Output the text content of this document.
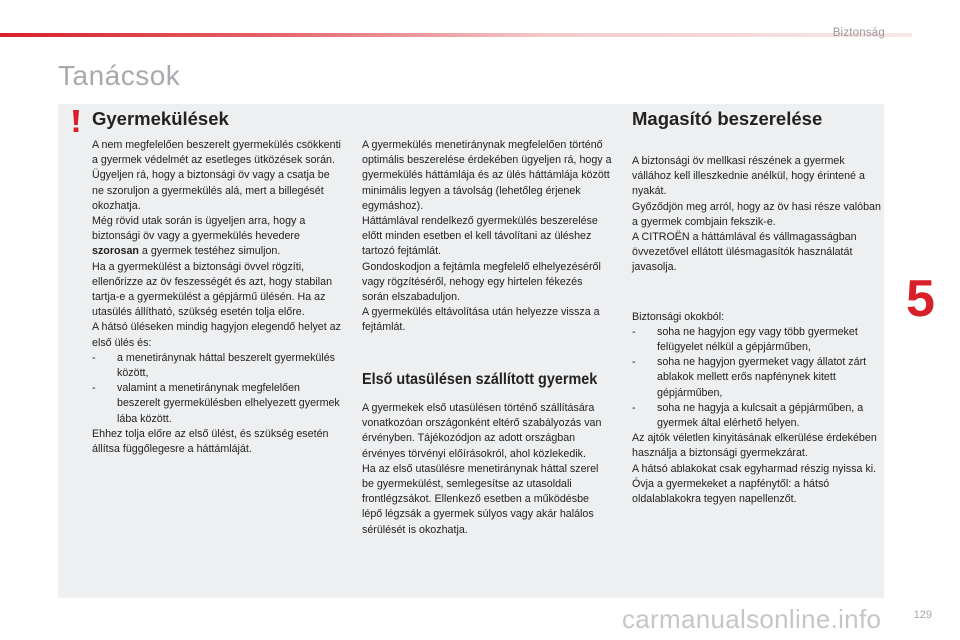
Biztonság
Tanácsok
Gyermekülések

A nem megfelelően beszerelt gyermekülés csökkenti a gyermek védelmét az esetleges ütközések során.

Ügyeljen rá, hogy a biztonsági öv vagy a csatja be ne szoruljon a gyermekülés alá, mert a billegését okozhatja.

Még rövid utak során is ügyeljen arra, hogy a biztonsági öv vagy a gyermekülés hevedere szorosan a gyermek testéhez simuljon.

Ha a gyermekülést a biztonsági övvel rögzíti, ellenőrizze az öv feszességét és azt, hogy stabilan tartja-e a gyermekülést a gépjármű ülésén. Ha az utasülés állítható, szükség esetén tolja előre.

A hátsó üléseken mindig hagyjon elegendő helyet az első ülés és:

-	a menetiránynak háttal beszerelt gyermekülés között,
-	valamint a menetiránynak megfelelően beszerelt gyermekülésben elhelyezett gyermek lába között.

Ehhez tolja előre az első ülést, és szükség esetén állítsa függőlegesre a háttámláját.

A gyermekülés menetiránynak megfelelően történő optimális beszerelése érdekében ügyeljen rá, hogy a gyermekülés háttámlája és az ülés háttámlája között minimális legyen a távolság (lehetőleg érjenek egymáshoz).

Háttámlával rendelkező gyermekülés beszerelése előtt minden esetben el kell távolítani az üléshez tartozó fejtámlát.

Gondoskodjon a fejtámla megfelelő elhelyezéséről vagy rögzítéséről, nehogy egy hirtelen fékezés során elszabaduljon.

A gyermekülés eltávolítása után helyezze vissza a fejtámlát.

Első utasülésen szállított gyermek

A gyermekek első utasülésen történő szállítására vonatkozóan országonként eltérő szabályozás van érvényben. Tájékozódjon az adott országban érvényes törvényi előírásokról, ahol közlekedik.

Ha az első utasülésre menetiránynak háttal szerel be gyermekülést, semlegesítse az utasoldali frontlégzsákot. Ellenkező esetben a működésbe lépő légzsák a gyermek súlyos vagy akár halálos sérülését is okozhatja.

Magasító beszerelése

A biztonsági öv mellkasi részének a gyermek vállához kell illeszkednie anélkül, hogy érintené a nyakát.

Győződjön meg arról, hogy az öv hasi része valóban a gyermek combjain fekszik-e.

A CITROËN a háttámlával és vállmagasságban övvezetővel ellátott ülésmagasítók használatát javasolja.

Biztonsági okokból:

-	soha ne hagyjon egy vagy több gyermeket felügyelet nélkül a gépjárműben,
-	soha ne hagyjon gyermeket vagy állatot zárt ablakok mellett erős napfénynek kitett gépjárműben,
-	soha ne hagyja a kulcsait a gépjárműben, a gyermek által elérhető helyen.

Az ajtók véletlen kinyitásának elkerülése érdekében használja a biztonsági gyermekzárat.

A hátsó ablakokat csak egyharmad részig nyissa ki.

Óvja a gyermekeket a napfénytől: a hátsó oldalablakokra tegyen napellenzőt.

5
carmanualsonline.info	129
